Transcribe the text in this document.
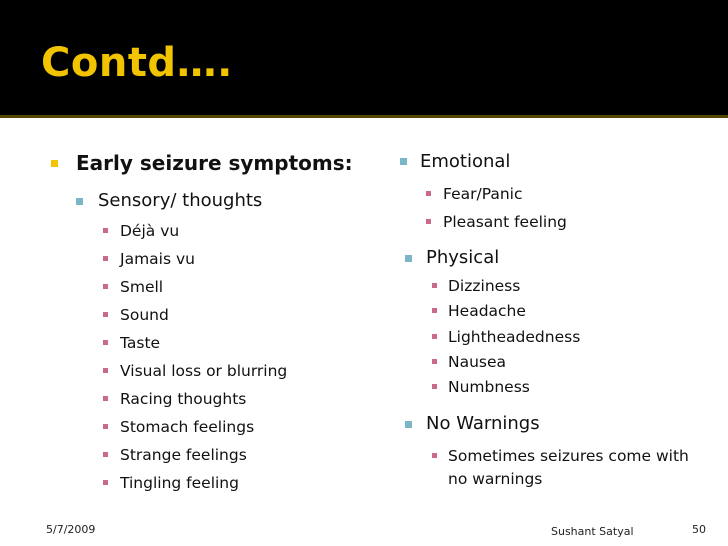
Contd….
Early seizure symptoms:
Sensory/ thoughts
Déjà vu
Jamais vu
Smell
Sound
Taste
Visual loss or blurring
Racing thoughts
Stomach feelings
Strange feelings
Tingling feeling
Emotional
Fear/Panic
Pleasant feeling
Physical
Dizziness
Headache
Lightheadedness
Nausea
Numbness
No Warnings
Sometimes seizures come with
no warnings
5/7/2009	Sushant Satyal	50
